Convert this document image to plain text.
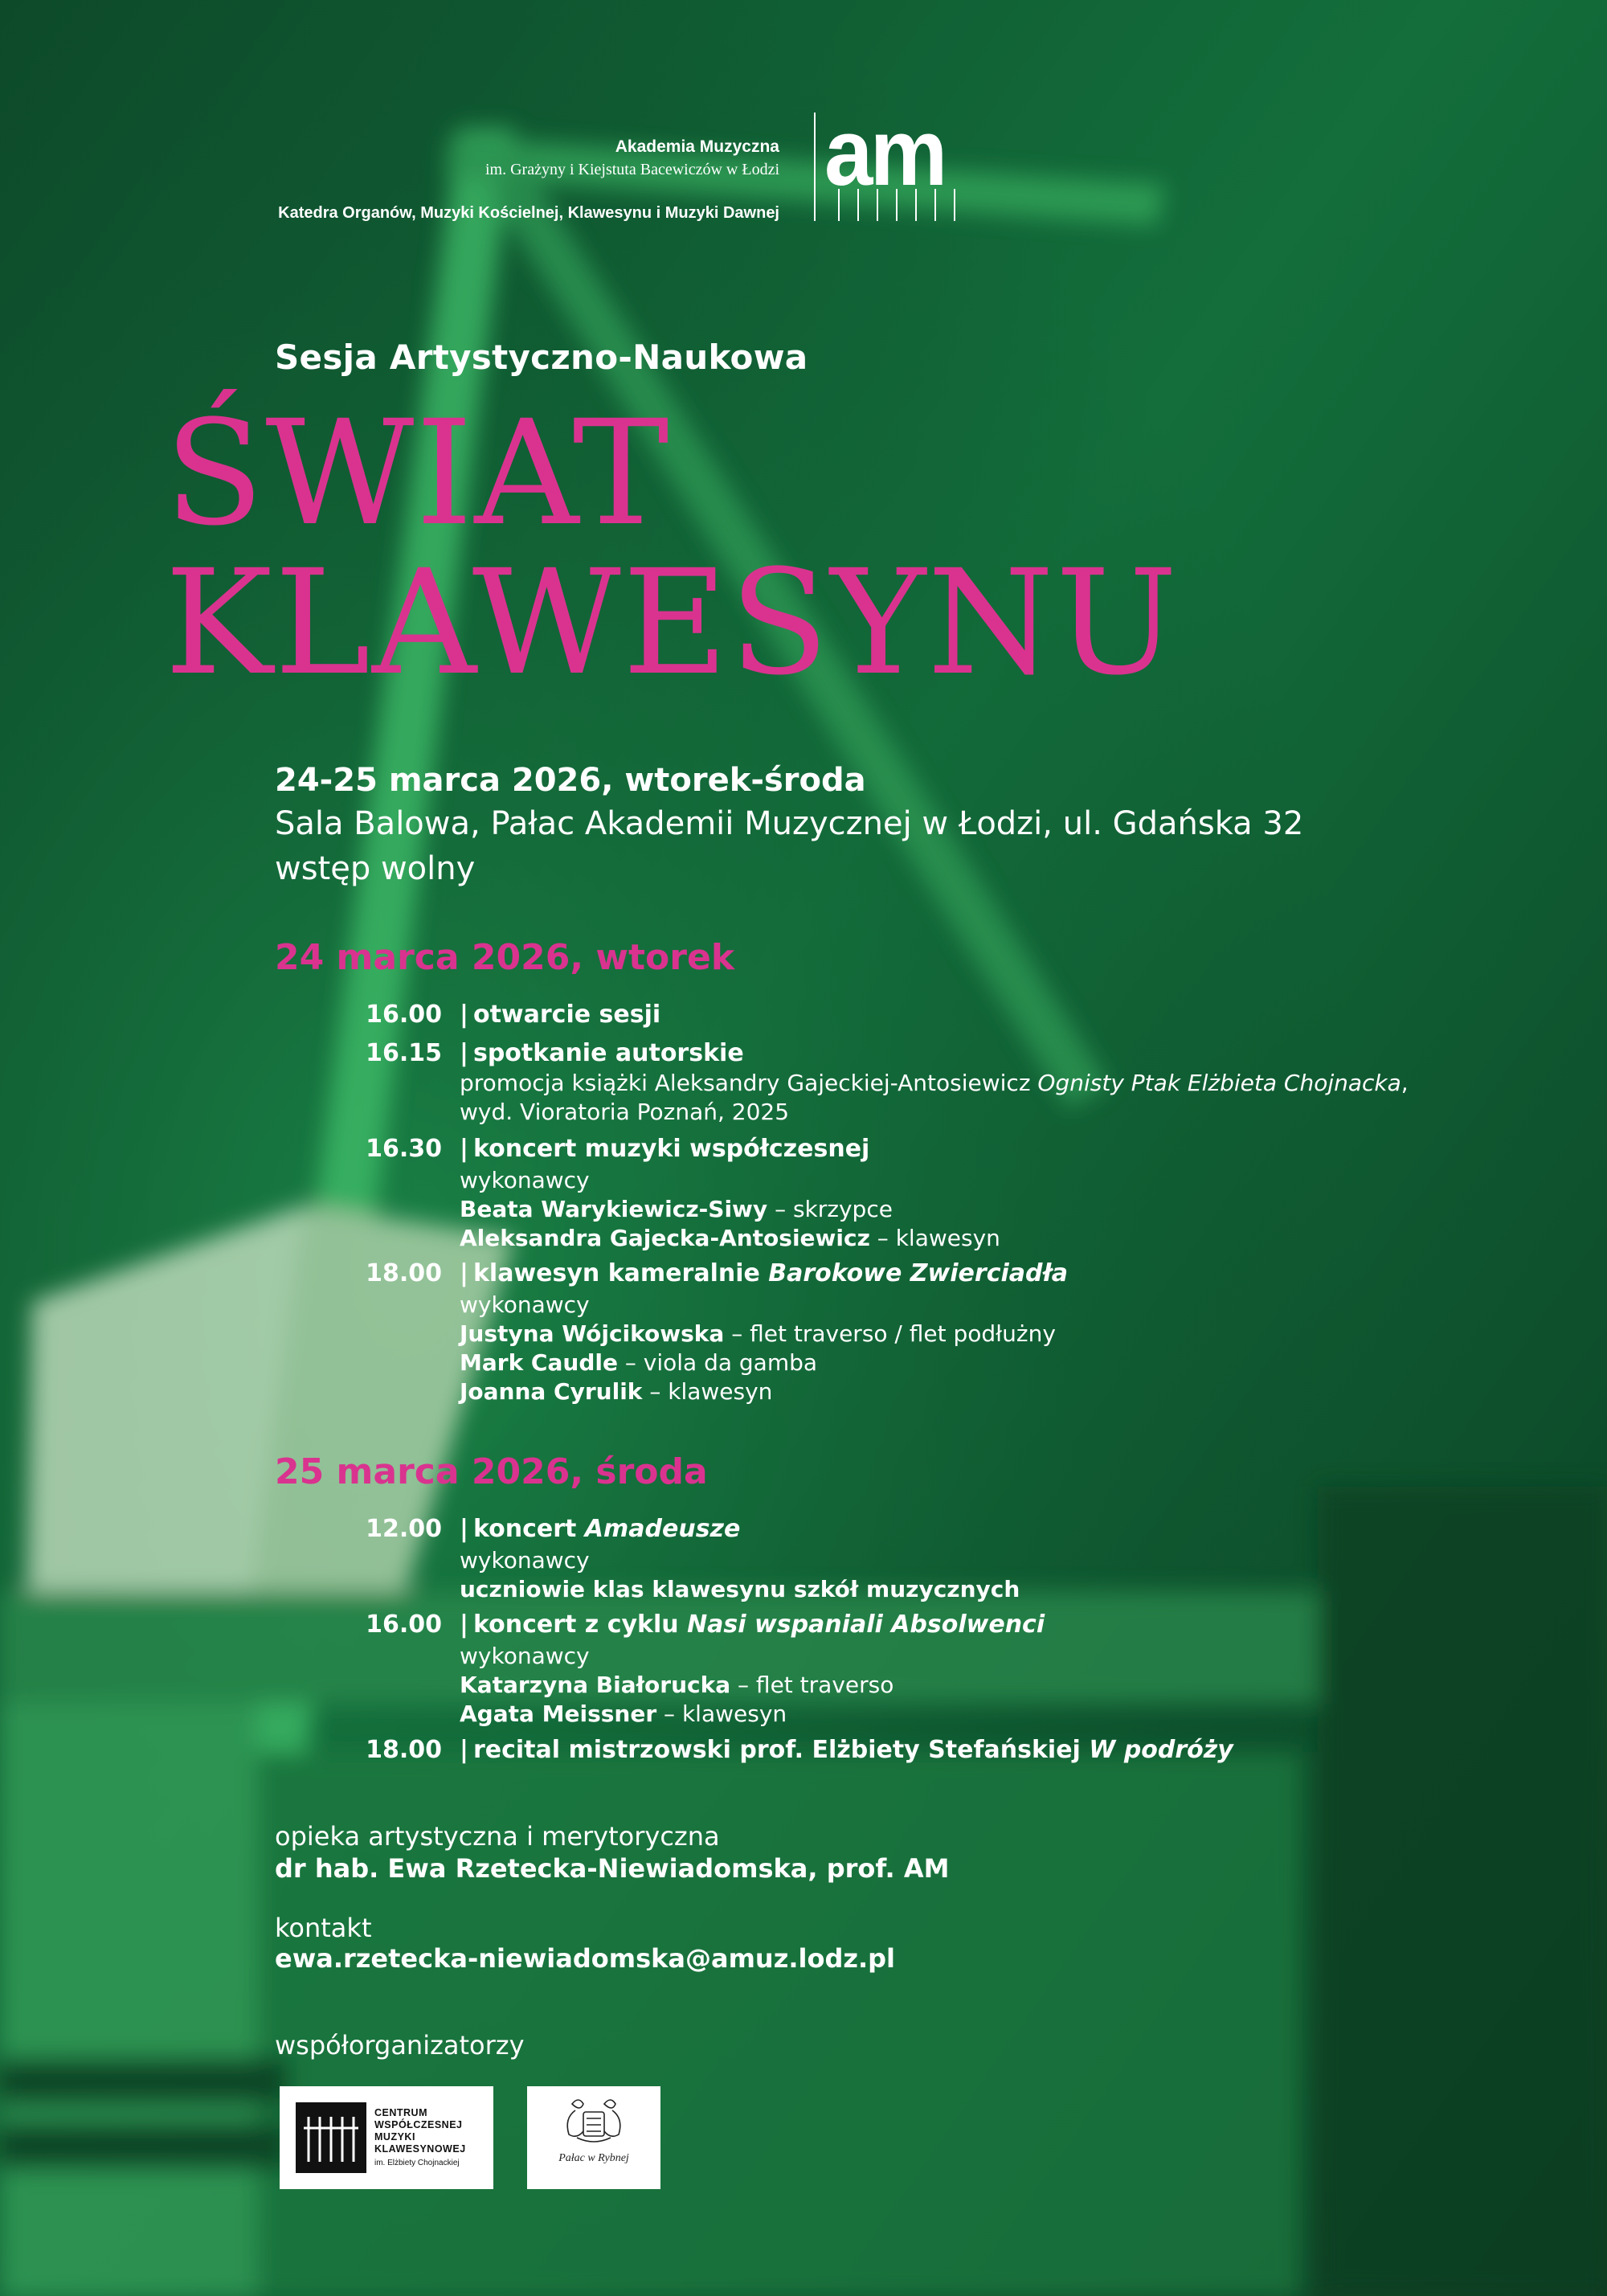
Akademia Muzyczna
im. Grażyny i Kiejstuta Bacewiczów w Łodzi
Katedra Organów, Muzyki Kościelnej, Klawesynu i Muzyki Dawnej
am
Sesja Artystyczno-Naukowa
ŚWIAT
KLAWESYNU
24-25 marca 2026, wtorek-środa
Sala Balowa, Pałac Akademii Muzycznej w Łodzi, ul. Gdańska 32
wstęp wolny
24 marca 2026, wtorek
16.00 | otwarcie sesji
16.15 | spotkanie autorskie
promocja książki Aleksandry Gajeckiej-Antosiewicz Ognisty Ptak Elżbieta Chojnacka,
wyd. Vioratoria Poznań, 2025
16.30 | koncert muzyki współczesnej
wykonawcy
Beata Warykiewicz-Siwy – skrzypce
Aleksandra Gajecka-Antosiewicz – klawesyn
18.00 | klawesyn kameralnie Barokowe Zwierciadła
wykonawcy
Justyna Wójcikowska – flet traverso / flet podłużny
Mark Caudle – viola da gamba
Joanna Cyrulik – klawesyn
25 marca 2026, środa
12.00 | koncert Amadeusze
wykonawcy
uczniowie klas klawesynu szkół muzycznych
16.00 | koncert z cyklu Nasi wspaniali Absolwenci
wykonawcy
Katarzyna Białorucka – flet traverso
Agata Meissner – klawesyn
18.00 | recital mistrzowski prof. Elżbiety Stefańskiej W podróży
opieka artystyczna i merytoryczna
dr hab. Ewa Rzetecka-Niewiadomska, prof. AM
kontakt
ewa.rzetecka-niewiadomska@amuz.lodz.pl
współorganizatorzy
CENTRUM
WSPÓŁCZESNEJ
MUZYKI
KLAWESYNOWEJ
im. Elżbiety Chojnackiej	Pałac w Rybnej
